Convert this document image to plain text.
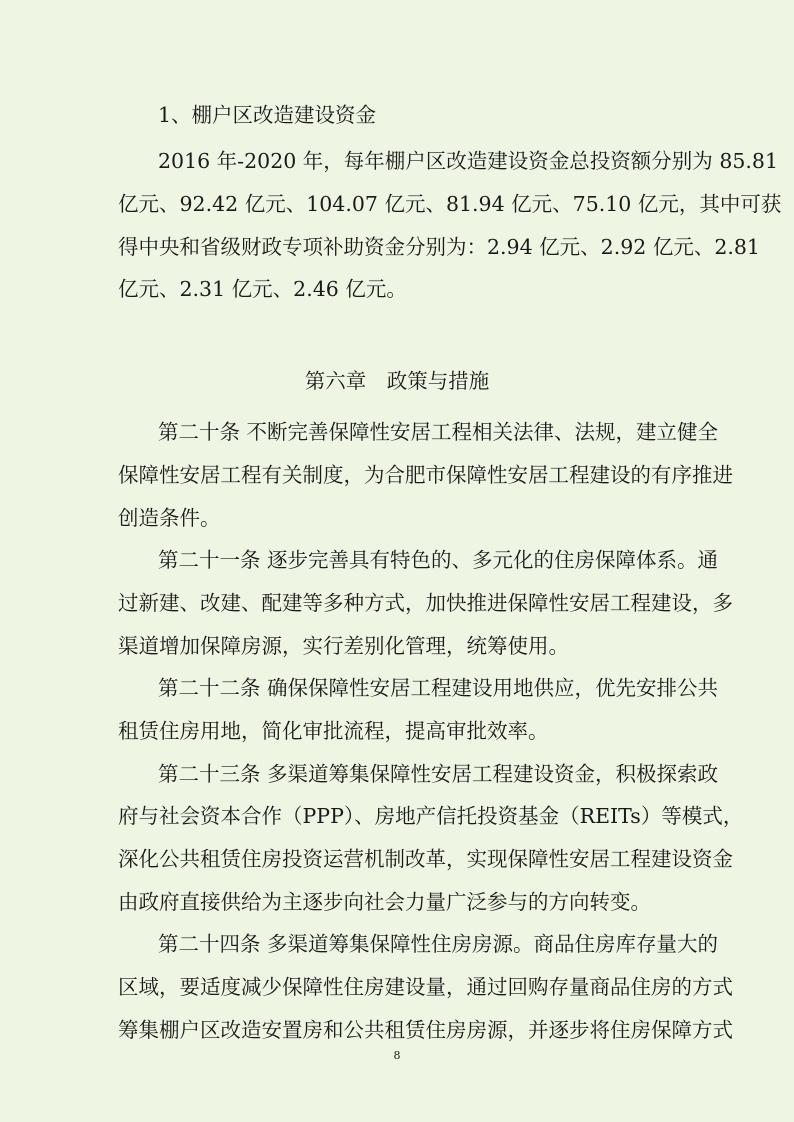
1、棚户区改造建设资金
2016 年-2020 年，每年棚户区改造建设资金总投资额分别为 85.81
亿元、92.42 亿元、104.07 亿元、81.94 亿元、75.10 亿元，其中可获
得中央和省级财政专项补助资金分别为：2.94 亿元、2.92 亿元、2.81
亿元、2.31 亿元、2.46 亿元。
第六章　政策与措施
第二十条 不断完善保障性安居工程相关法律、法规，建立健全
保障性安居工程有关制度，为合肥市保障性安居工程建设的有序推进
创造条件。
第二十一条 逐步完善具有特色的、多元化的住房保障体系。通
过新建、改建、配建等多种方式，加快推进保障性安居工程建设，多
渠道增加保障房源，实行差别化管理，统筹使用。
第二十二条 确保保障性安居工程建设用地供应，优先安排公共
租赁住房用地，简化审批流程，提高审批效率。
第二十三条 多渠道筹集保障性安居工程建设资金，积极探索政
府与社会资本合作（PPP）、房地产信托投资基金（REITs）等模式，
深化公共租赁住房投资运营机制改革，实现保障性安居工程建设资金
由政府直接供给为主逐步向社会力量广泛参与的方向转变。
第二十四条 多渠道筹集保障性住房房源。商品住房库存量大的
区域，要适度减少保障性住房建设量，通过回购存量商品住房的方式
筹集棚户区改造安置房和公共租赁住房房源，并逐步将住房保障方式
8
